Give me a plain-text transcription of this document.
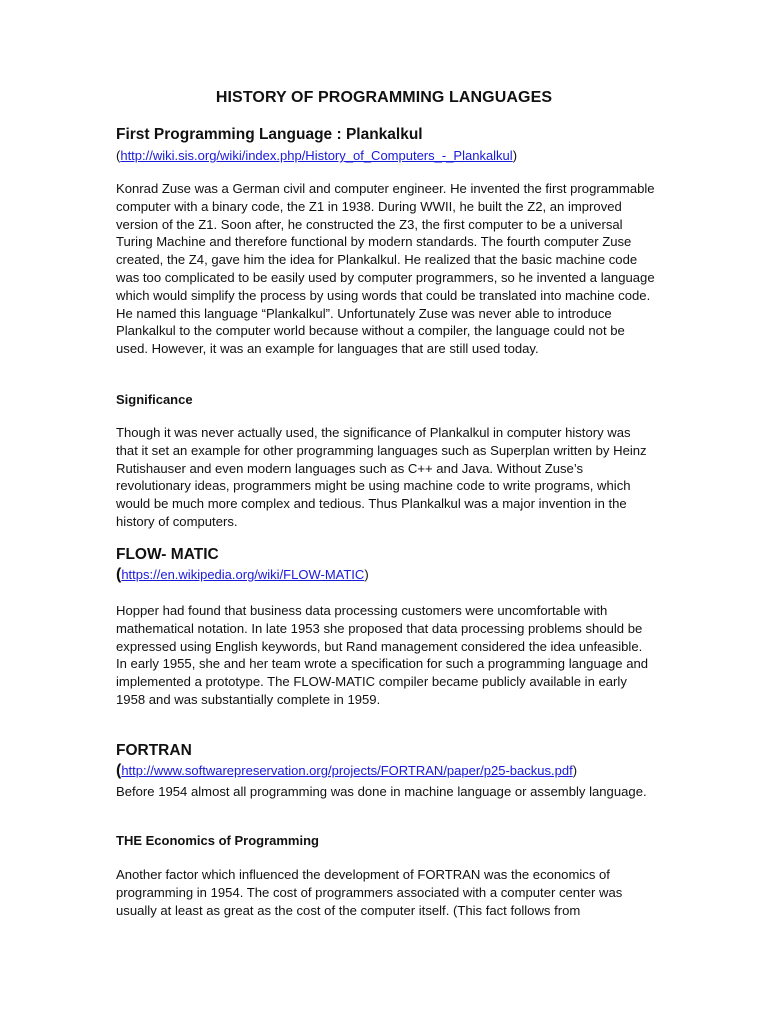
HISTORY OF PROGRAMMING LANGUAGES
First Programming Language : Plankalkul
(http://wiki.sis.org/wiki/index.php/History_of_Computers_-_Plankalkul)

Konrad Zuse was a German civil and computer engineer. He invented the first programmable computer with a binary code, the Z1 in 1938. During WWII, he built the Z2, an improved version of the Z1. Soon after, he constructed the Z3, the first computer to be a universal Turing Machine and therefore functional by modern standards. The fourth computer Zuse created, the Z4, gave him the idea for Plankalkul. He realized that the basic machine code was too complicated to be easily used by computer programmers, so he invented a language which would simplify the process by using words that could be translated into machine code. He named this language “Plankalkul”. Unfortunately Zuse was never able to introduce Plankalkul to the computer world because without a compiler, the language could not be used. However, it was an example for languages that are still used today.

Significance

Though it was never actually used, the significance of Plankalkul in computer history was that it set an example for other programming languages such as Superplan written by Heinz Rutishauser and even modern languages such as C++ and Java. Without Zuse’s revolutionary ideas, programmers might be using machine code to write programs, which would be much more complex and tedious. Thus Plankalkul was a major invention in the history of computers.

FLOW- MATIC
(https://en.wikipedia.org/wiki/FLOW-MATIC)

Hopper had found that business data processing customers were uncomfortable with mathematical notation. In late 1953 she proposed that data processing problems should be expressed using English keywords, but Rand management considered the idea unfeasible. In early 1955, she and her team wrote a specification for such a programming language and implemented a prototype. The FLOW-MATIC compiler became publicly available in early 1958 and was substantially complete in 1959.

FORTRAN
(http://www.softwarepreservation.org/projects/FORTRAN/paper/p25-backus.pdf)

Before 1954 almost all programming was done in machine language or assembly language.

THE Economics of Programming

Another factor which influenced the development of FORTRAN was the economics of programming in 1954. The cost of programmers associated with a computer center was usually at least as great as the cost of the computer itself. (This fact follows from
